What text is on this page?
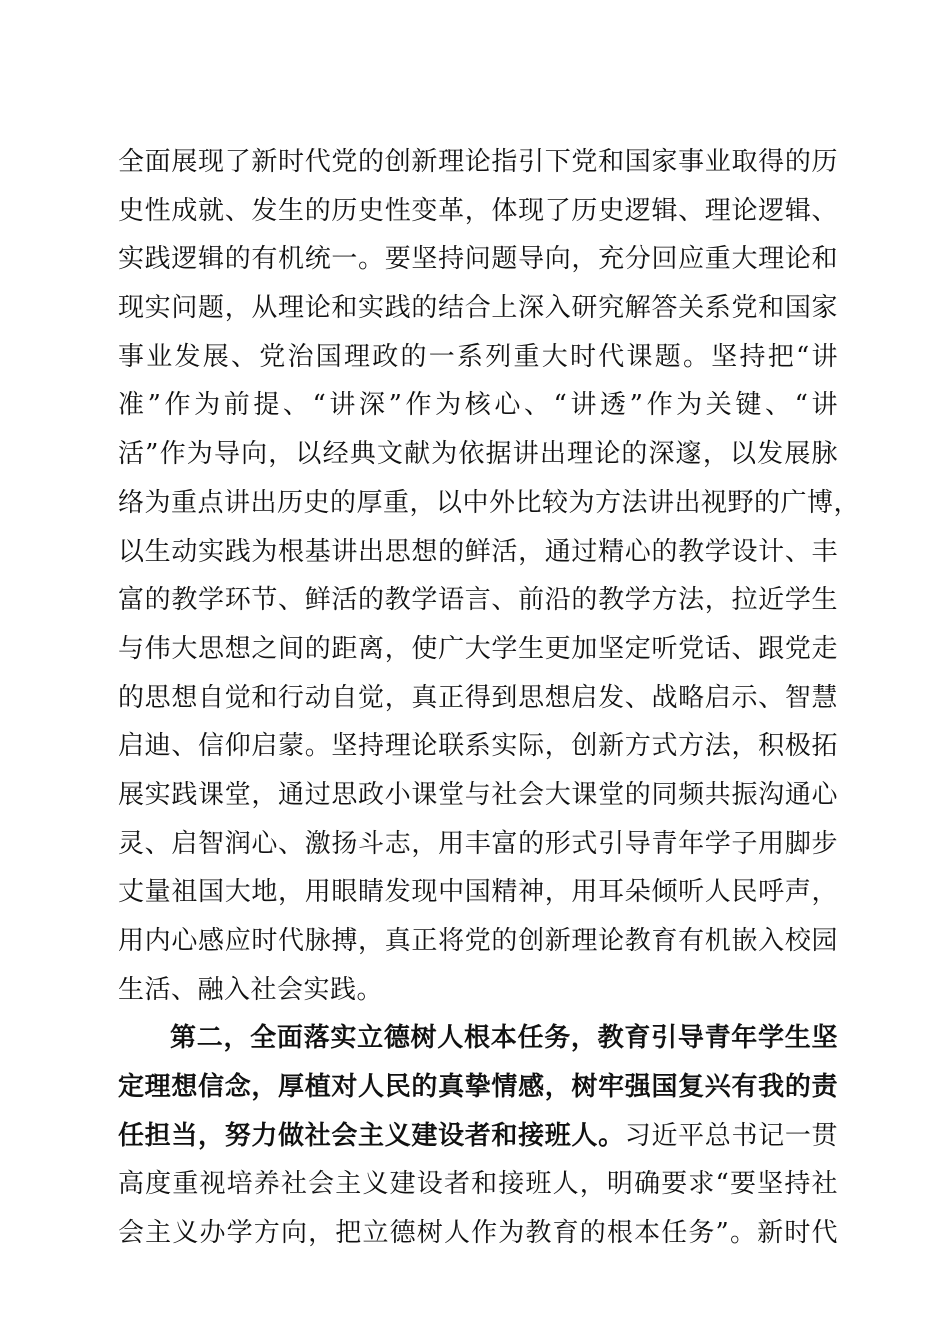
全面展现了新时代党的创新理论指引下党和国家事业取得的历
史性成就、发生的历史性变革，体现了历史逻辑、理论逻辑、
实践逻辑的有机统一。要坚持问题导向，充分回应重大理论和
现实问题，从理论和实践的结合上深入研究解答关系党和国家
事业发展、党治国理政的一系列重大时代课题。坚持把“讲
准”作为前提、“讲深”作为核心、“讲透”作为关键、“讲
活”作为导向，以经典文献为依据讲出理论的深邃，以发展脉
络为重点讲出历史的厚重，以中外比较为方法讲出视野的广博，
以生动实践为根基讲出思想的鲜活，通过精心的教学设计、丰
富的教学环节、鲜活的教学语言、前沿的教学方法，拉近学生
与伟大思想之间的距离，使广大学生更加坚定听党话、跟党走
的思想自觉和行动自觉，真正得到思想启发、战略启示、智慧
启迪、信仰启蒙。坚持理论联系实际，创新方式方法，积极拓
展实践课堂，通过思政小课堂与社会大课堂的同频共振沟通心
灵、启智润心、激扬斗志，用丰富的形式引导青年学子用脚步
丈量祖国大地，用眼睛发现中国精神，用耳朵倾听人民呼声，
用内心感应时代脉搏，真正将党的创新理论教育有机嵌入校园
生活、融入社会实践。
第二，全面落实立德树人根本任务，教育引导青年学生坚
定理想信念，厚植对人民的真挚情感，树牢强国复兴有我的责
任担当，努力做社会主义建设者和接班人。习近平总书记一贯
高度重视培养社会主义建设者和接班人，明确要求“要坚持社
会主义办学方向，把立德树人作为教育的根本任务”。新时代
